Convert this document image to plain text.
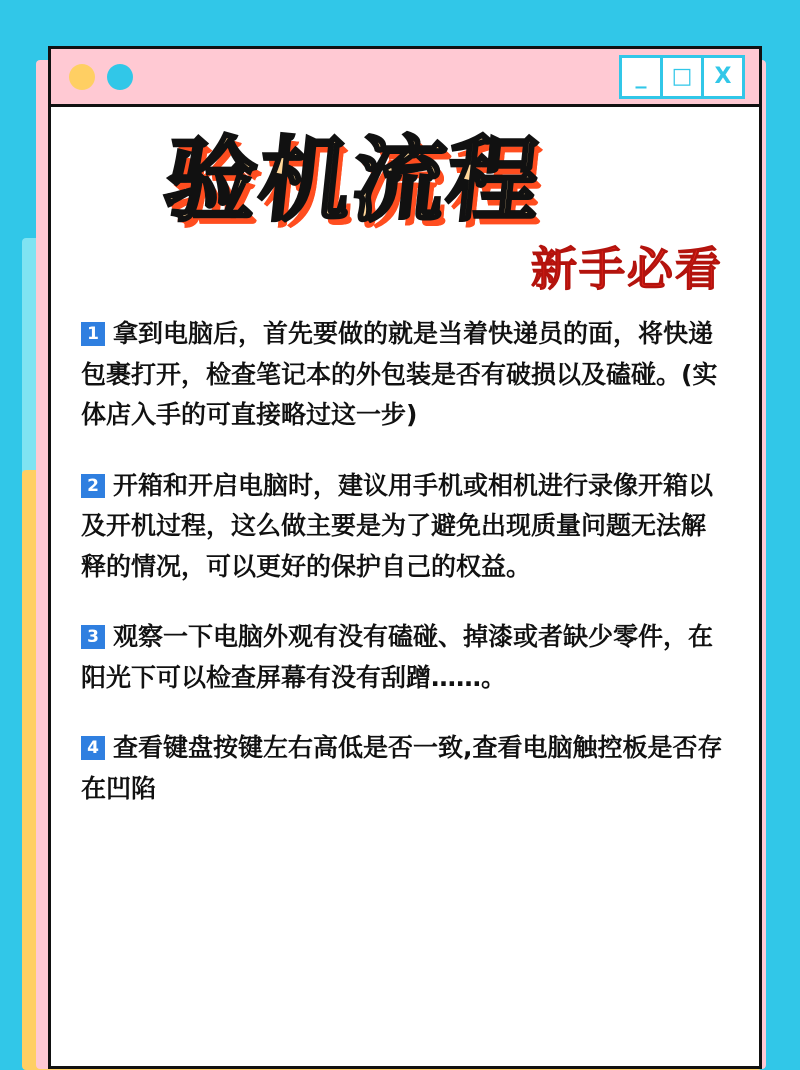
_	□	X
验机流程
新手必看
1 拿到电脑后，首先要做的就是当着快递员的面，将快递包裹打开，检查笔记本的外包装是否有破损以及磕碰。(实体店入手的可直接略过这一步)
2 开箱和开启电脑时，建议用手机或相机进行录像开箱以及开机过程，这么做主要是为了避免出现质量问题无法解释的情况，可以更好的保护自己的权益。
3 观察一下电脑外观有没有磕碰、掉漆或者缺少零件，在阳光下可以检查屏幕有没有刮蹭……。
4 查看键盘按键左右高低是否一致,查看电脑触控板是否存在凹陷
